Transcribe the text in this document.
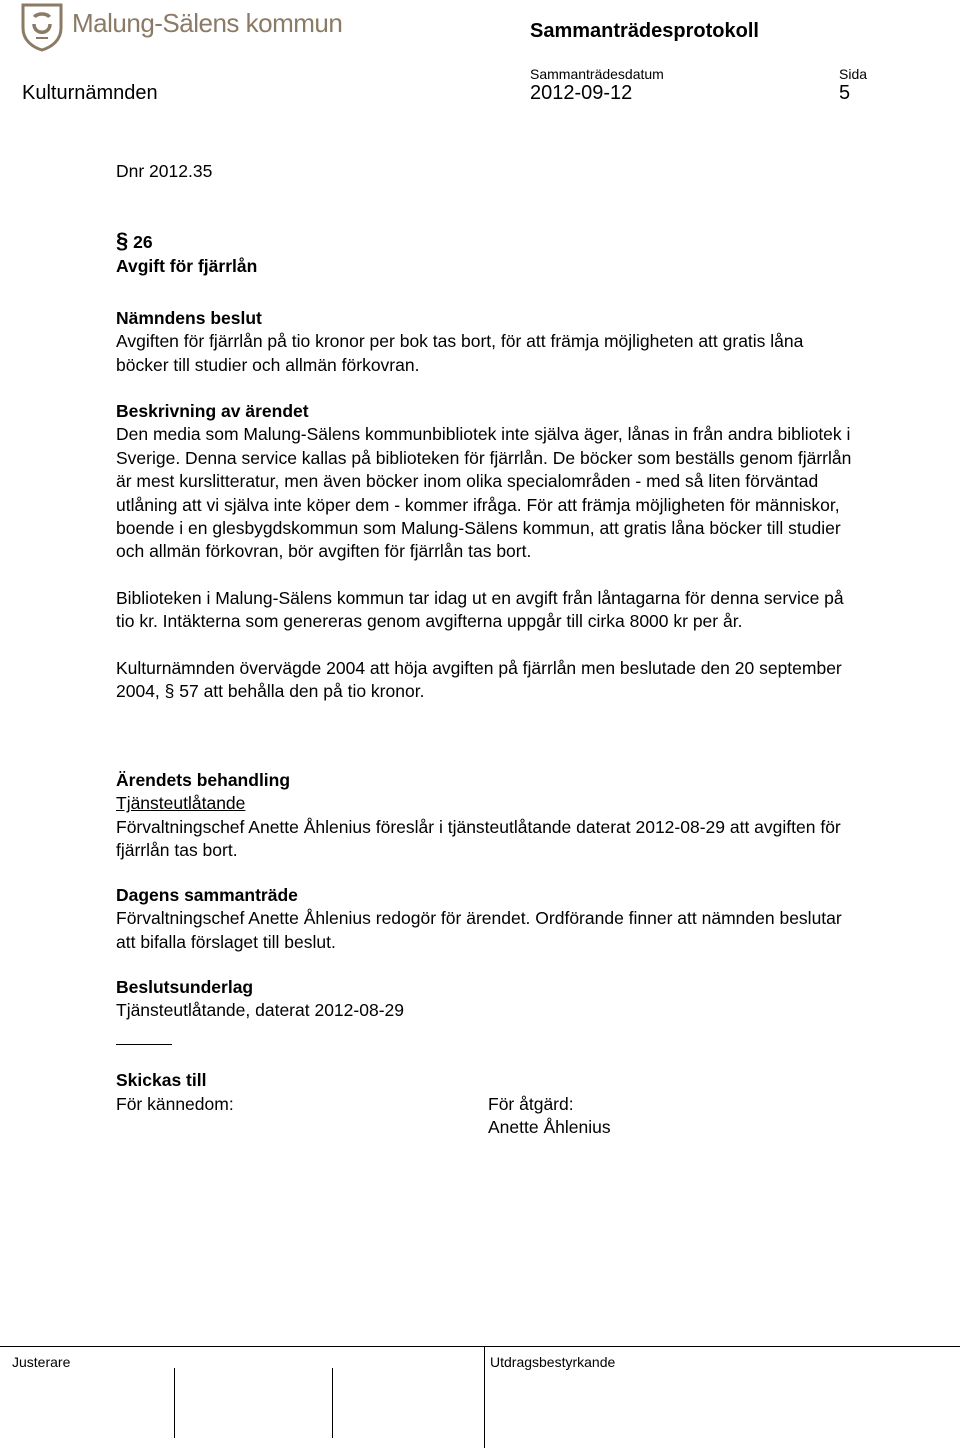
Malung-Sälens kommun	Sammanträdesprotokoll
Kulturnämnden
Sammanträdesdatum
2012-09-12
Sida
5
Dnr 2012.35
§ 26
Avgift för fjärrlån

Nämndens beslut

Avgiften för fjärrlån på tio kronor per bok tas bort, för att främja möjligheten att gratis låna böcker till studier och allmän förkovran.

Beskrivning av ärendet

Den media som Malung-Sälens kommunbibliotek inte själva äger, lånas in från andra bibliotek i Sverige. Denna service kallas på biblioteken för fjärrlån. De böcker som beställs genom fjärrlån är mest kurslitteratur, men även böcker inom olika specialområden - med så liten förväntad utlåning att vi själva inte köper dem - kommer ifråga. För att främja möjligheten för människor, boende i en glesbygdskommun som Malung-Sälens kommun, att gratis låna böcker till studier och allmän förkovran, bör avgiften för fjärrlån tas bort.

Biblioteken i Malung-Sälens kommun tar idag ut en avgift från låntagarna för denna service på tio kr. Intäkterna som genereras genom avgifterna uppgår till cirka 8000 kr per år.

Kulturnämnden övervägde 2004 att höja avgiften på fjärrlån men beslutade den 20 september 2004, § 57 att behålla den på tio kronor.

Ärendets behandling

Tjänsteutlåtande

Förvaltningschef Anette Åhlenius föreslår i tjänsteutlåtande daterat 2012-08-29 att avgiften för fjärrlån tas bort.

Dagens sammanträde

Förvaltningschef Anette Åhlenius redogör för ärendet. Ordförande finner att nämnden beslutar att bifalla förslaget till beslut.

Beslutsunderlag

Tjänsteutlåtande, daterat 2012-08-29

Skickas till
För kännedom:	För åtgärd:
Anette Åhlenius
Justerare	Utdragsbestyrkande
